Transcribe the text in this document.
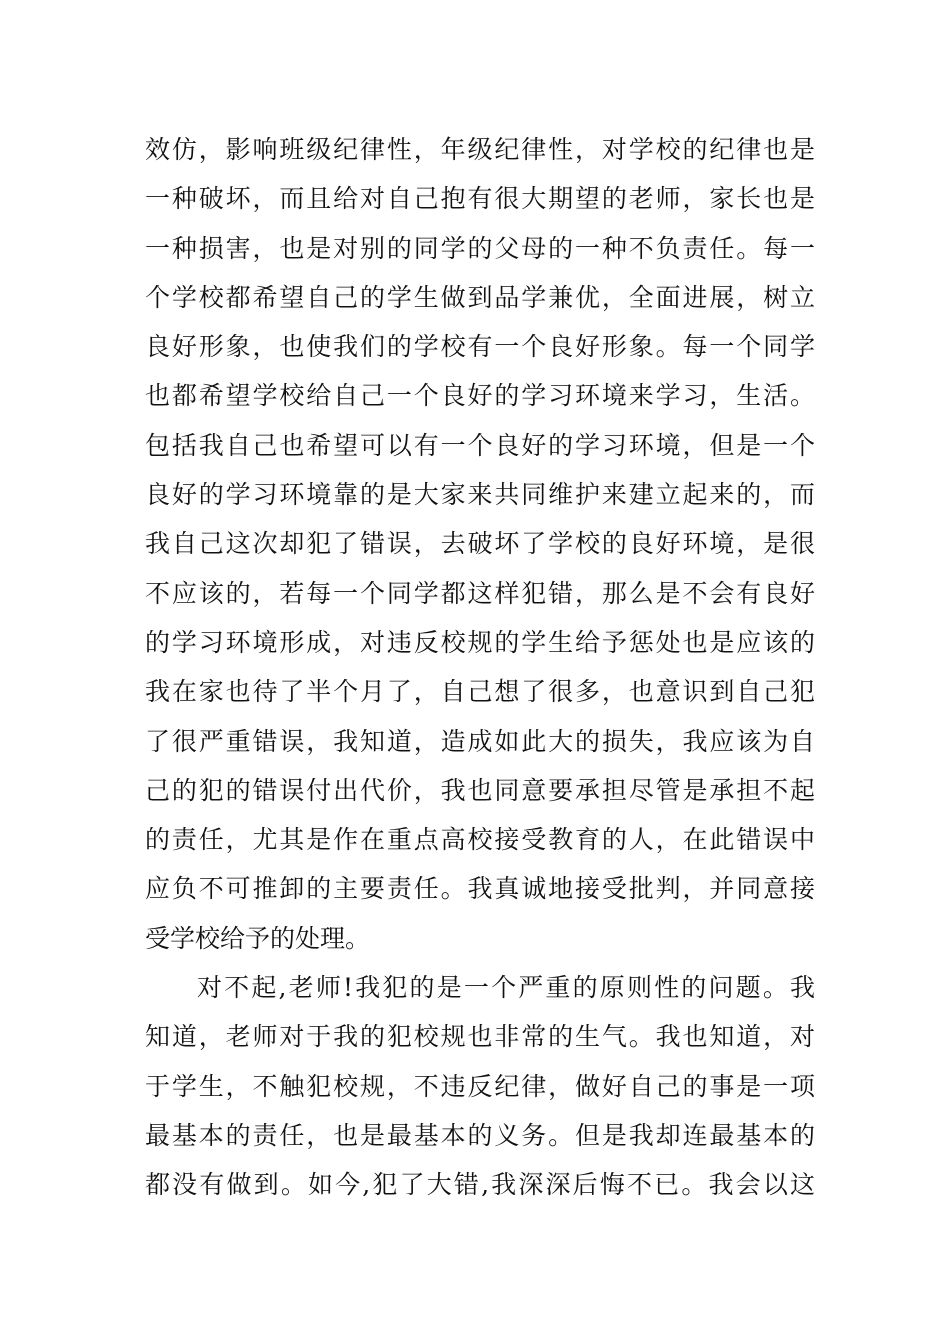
效仿，影响班级纪律性，年级纪律性，对学校的纪律也是
一种破坏，而且给对自己抱有很大期望的老师，家长也是
一种损害，也是对别的同学的父母的一种不负责任。每一
个学校都希望自己的学生做到品学兼优，全面进展，树立
良好形象，也使我们的学校有一个良好形象。每一个同学
也都希望学校给自己一个良好的学习环境来学习，生活。
包括我自己也希望可以有一个良好的学习环境，但是一个
良好的学习环境靠的是大家来共同维护来建立起来的，而
我自己这次却犯了错误，去破坏了学校的良好环境，是很
不应该的，若每一个同学都这样犯错，那么是不会有良好
的学习环境形成，对违反校规的学生给予惩处也是应该的
我在家也待了半个月了，自己想了很多，也意识到自己犯
了很严重错误，我知道，造成如此大的损失，我应该为自
己的犯的错误付出代价，我也同意要承担尽管是承担不起
的责任，尤其是作在重点高校接受教育的人，在此错误中
应负不可推卸的主要责任。我真诚地接受批判，并同意接
受学校给予的处理。
对不起,老师!我犯的是一个严重的原则性的问题。我
知道，老师对于我的犯校规也非常的生气。我也知道，对
于学生，不触犯校规，不违反纪律，做好自己的事是一项
最基本的责任，也是最基本的义务。但是我却连最基本的
都没有做到。如今,犯了大错,我深深后悔不已。我会以这
